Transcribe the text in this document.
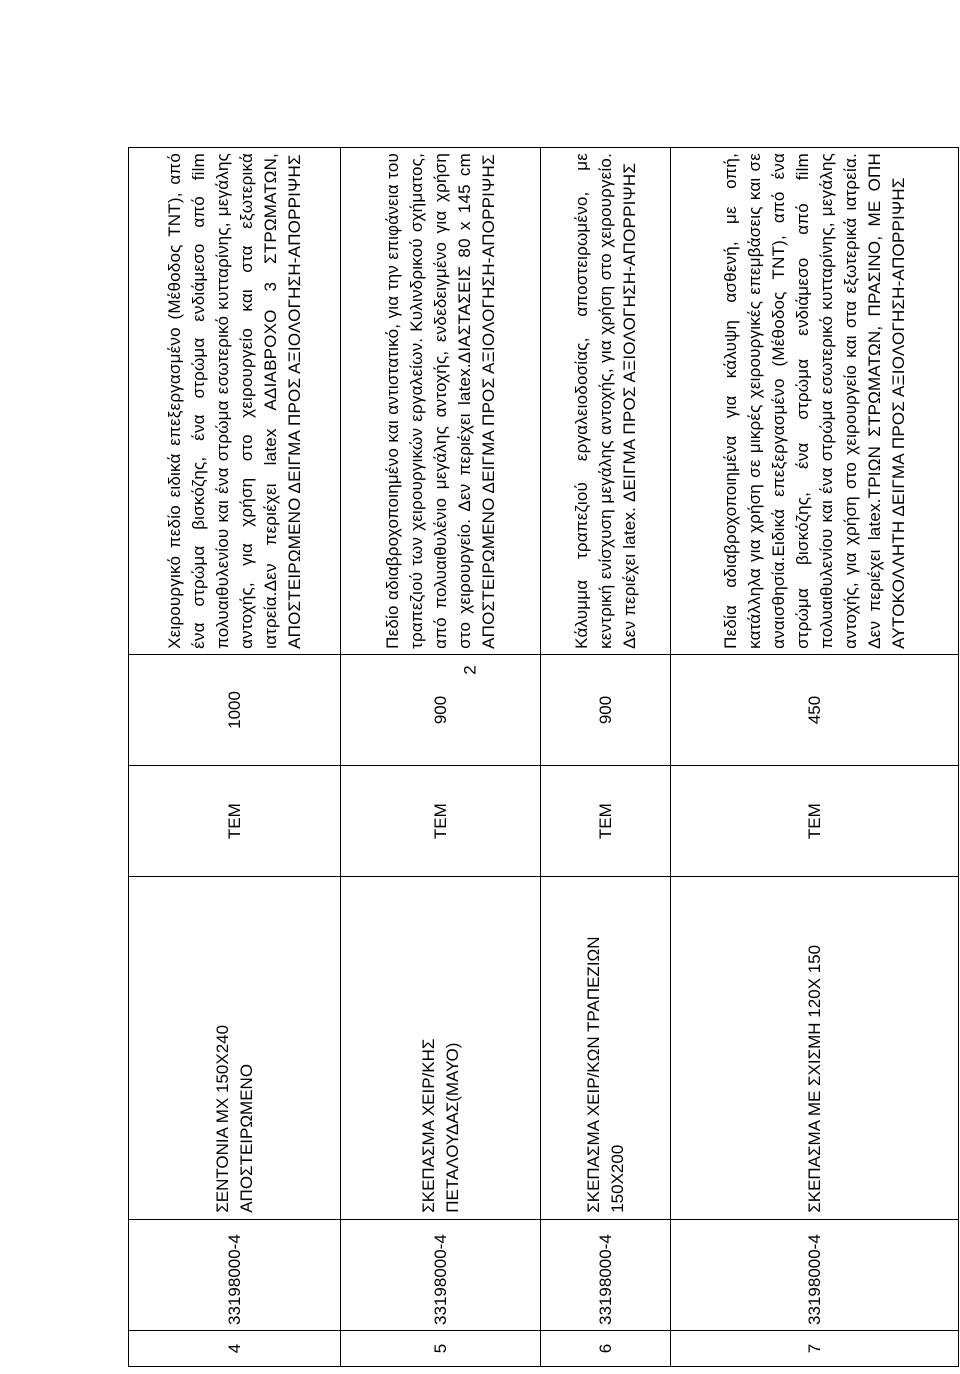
2
4	33198000-4	ΣΕΝΤΟΝΙΑ ΜΧ 150Χ240 ΑΠΟΣΤΕΙΡΩΜΕΝΟ	TEM	1000	Χειρουργικό πεδίο ειδικά επεξεργασμένο (Μέθοδος TNT), από ένα στρώμα βισκόζης, ένα στρώμα ενδιάμεσο από film πολυαιθυλενίου και ένα στρώμα εσωτερικό κυτταρίνης, μεγάλης αντοχής, για χρήση στο χειρουργείο και στα εξωτερικά ιατρεία.Δεν περιέχει latex ΑΔΙΑΒΡΟΧΟ 3 ΣΤΡΩΜΑΤΩΝ, ΑΠΟΣΤΕΙΡΩΜΕΝΟ ΔΕΙΓΜΑ ΠΡΟΣ ΑΞΙΟΛΟΓΗΣΗ-ΑΠΟΡΡΙΨΗΣ
5	33198000-4	ΣΚΕΠΑΣΜΑ ΧΕΙΡ/ΚΗΣ ΠΕΤΑΛΟΥΔΑΣ(ΜΑΥΟ)	TEM	900	Πεδίο αδιαβροχοποιημένο και αντιστατικό, για την επιφάνεια του τραπεζιού των χειρουργικών εργαλείων. Κυλινδρικού σχήματος, από πολυαιθυλένιο μεγάλης αντοχής, ενδεδειγμένο για χρήση στο χειρουργείο. Δεν περιέχει latex.ΔΙΑΣΤΑΣΕΙΣ 80 x 145 cm ΑΠΟΣΤΕΙΡΩΜΕΝΟ ΔΕΙΓΜΑ ΠΡΟΣ ΑΞΙΟΛΟΓΗΣΗ-ΑΠΟΡΡΙΨΗΣ
6	33198000-4	ΣΚΕΠΑΣΜΑ ΧΕΙΡ/ΚΩΝ ΤΡΑΠΕΖΙΩΝ 150Χ200	TEM	900	Κάλυμμα τραπεζιού εργαλειοδοσίας, αποστειρωμένο, με κεντρική ενίσχυση μεγάλης αντοχής, για χρήση στο χειρουργείο. Δεν περιέχει latex. ΔΕΙΓΜΑ ΠΡΟΣ ΑΞΙΟΛΟΓΗΣΗ-ΑΠΟΡΡΙΨΗΣ
7	33198000-4	ΣΚΕΠΑΣΜΑ ΜΕ ΣΧΙΣΜΗ 120Χ 150	TEM	450	Πεδία αδιαβροχοποιημένα για κάλυψη ασθενή, με οπή, κατάλληλα για χρήση σε μικρές χειρουργικές επεμβάσεις και σε αναισθησία.Ειδικά επεξεργασμένο (Μέθοδος TNT), από ένα στρώμα βισκόζης, ένα στρώμα ενδιάμεσο από film πολυαιθυλενίου και ένα στρώμα εσωτερικό κυτταρίνης, μεγάλης αντοχής, για χρήση στο χειρουργείο και στα εξωτερικά ιατρεία. Δεν περιέχει latex.ΤΡΙΩΝ ΣΤΡΩΜΑΤΩΝ, ΠΡΑΣΙΝΟ, ΜΕ ΟΠΗ ΑΥΤΟΚΟΛΛΗΤΗ ΔΕΙΓΜΑ ΠΡΟΣ ΑΞΙΟΛΟΓΗΣΗ-ΑΠΟΡΡΙΨΗΣ
